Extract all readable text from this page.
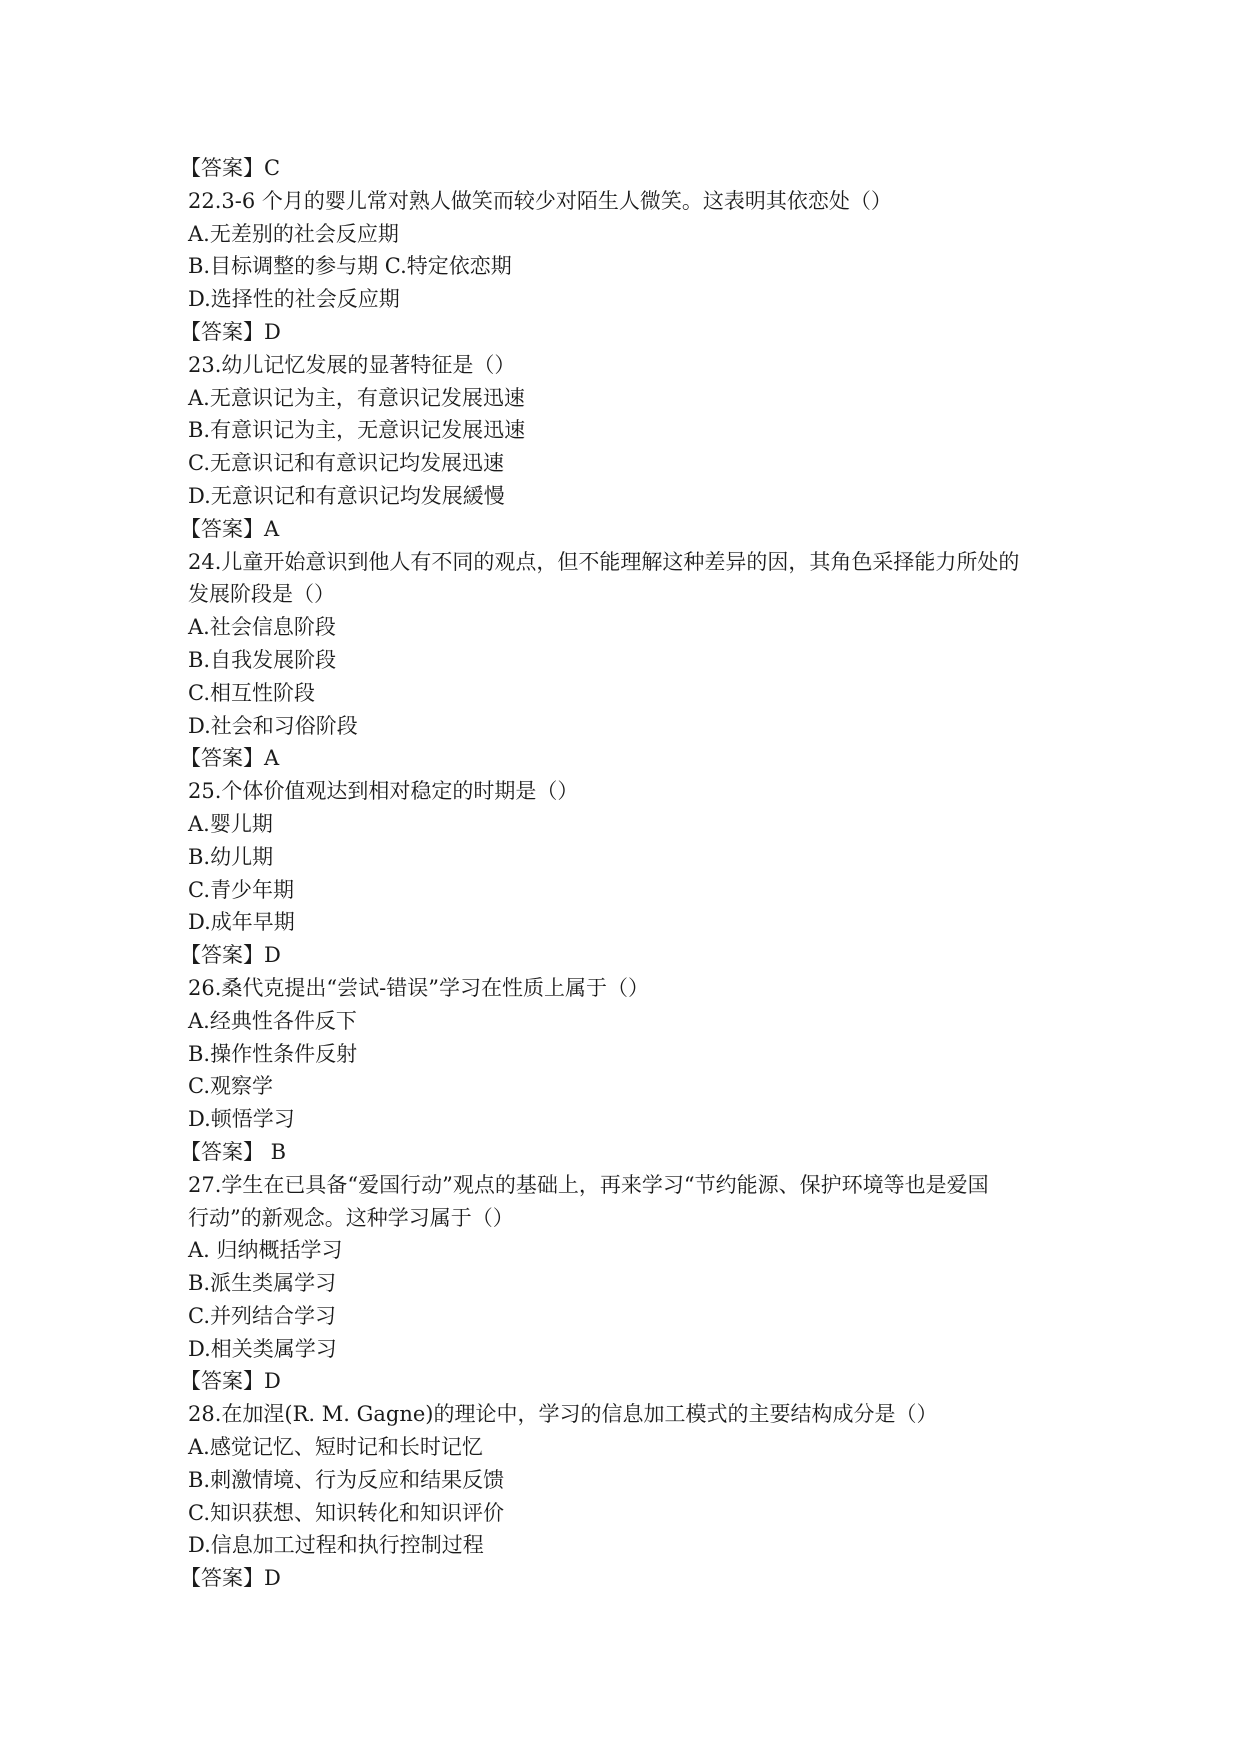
【答案】C
22.3-6 个月的婴儿常对熟人做笑而较少对陌生人微笑。这表明其依恋处（）
A.无差别的社会反应期
B.目标调整的参与期 C.特定依恋期
D.选择性的社会反应期
【答案】D
23.幼儿记忆发展的显著特征是（）
A.无意识记为主，有意识记发展迅速
B.有意识记为主，无意识记发展迅速
C.无意识记和有意识记均发展迅速
D.无意识记和有意识记均发展緩慢
【答案】A
24.儿童开始意识到他人有不同的观点，但不能理解这种差异的因，其角色采择能力所处的
发展阶段是（）
A.社会信息阶段
B.自我发展阶段
C.相互性阶段
D.社会和习俗阶段
【答案】A
25.个体价值观达到相对稳定的时期是（）
A.婴儿期
B.幼儿期
C.青少年期
D.成年早期
【答案】D
26.桑代克提出“尝试-错误”学习在性质上属于（）
A.经典性各件反下
B.操作性条件反射
C.观察学
D.顿悟学习
【答案】 B
27.学生在已具备“爱国行动”观点的基础上，再来学习“节约能源、保护环境等也是爱国
行动”的新观念。这种学习属于（）
A. 归纳概括学习
B.派生类属学习
C.并列结合学习
D.相关类属学习
【答案】D
28.在加涅(R. M. Gagne)的理论中，学习的信息加工模式的主要结构成分是（）
A.感觉记忆、短时记和长时记忆
B.刺激情境、行为反应和结果反馈
C.知识获想、知识转化和知识评价
D.信息加工过程和执行控制过程
【答案】D
